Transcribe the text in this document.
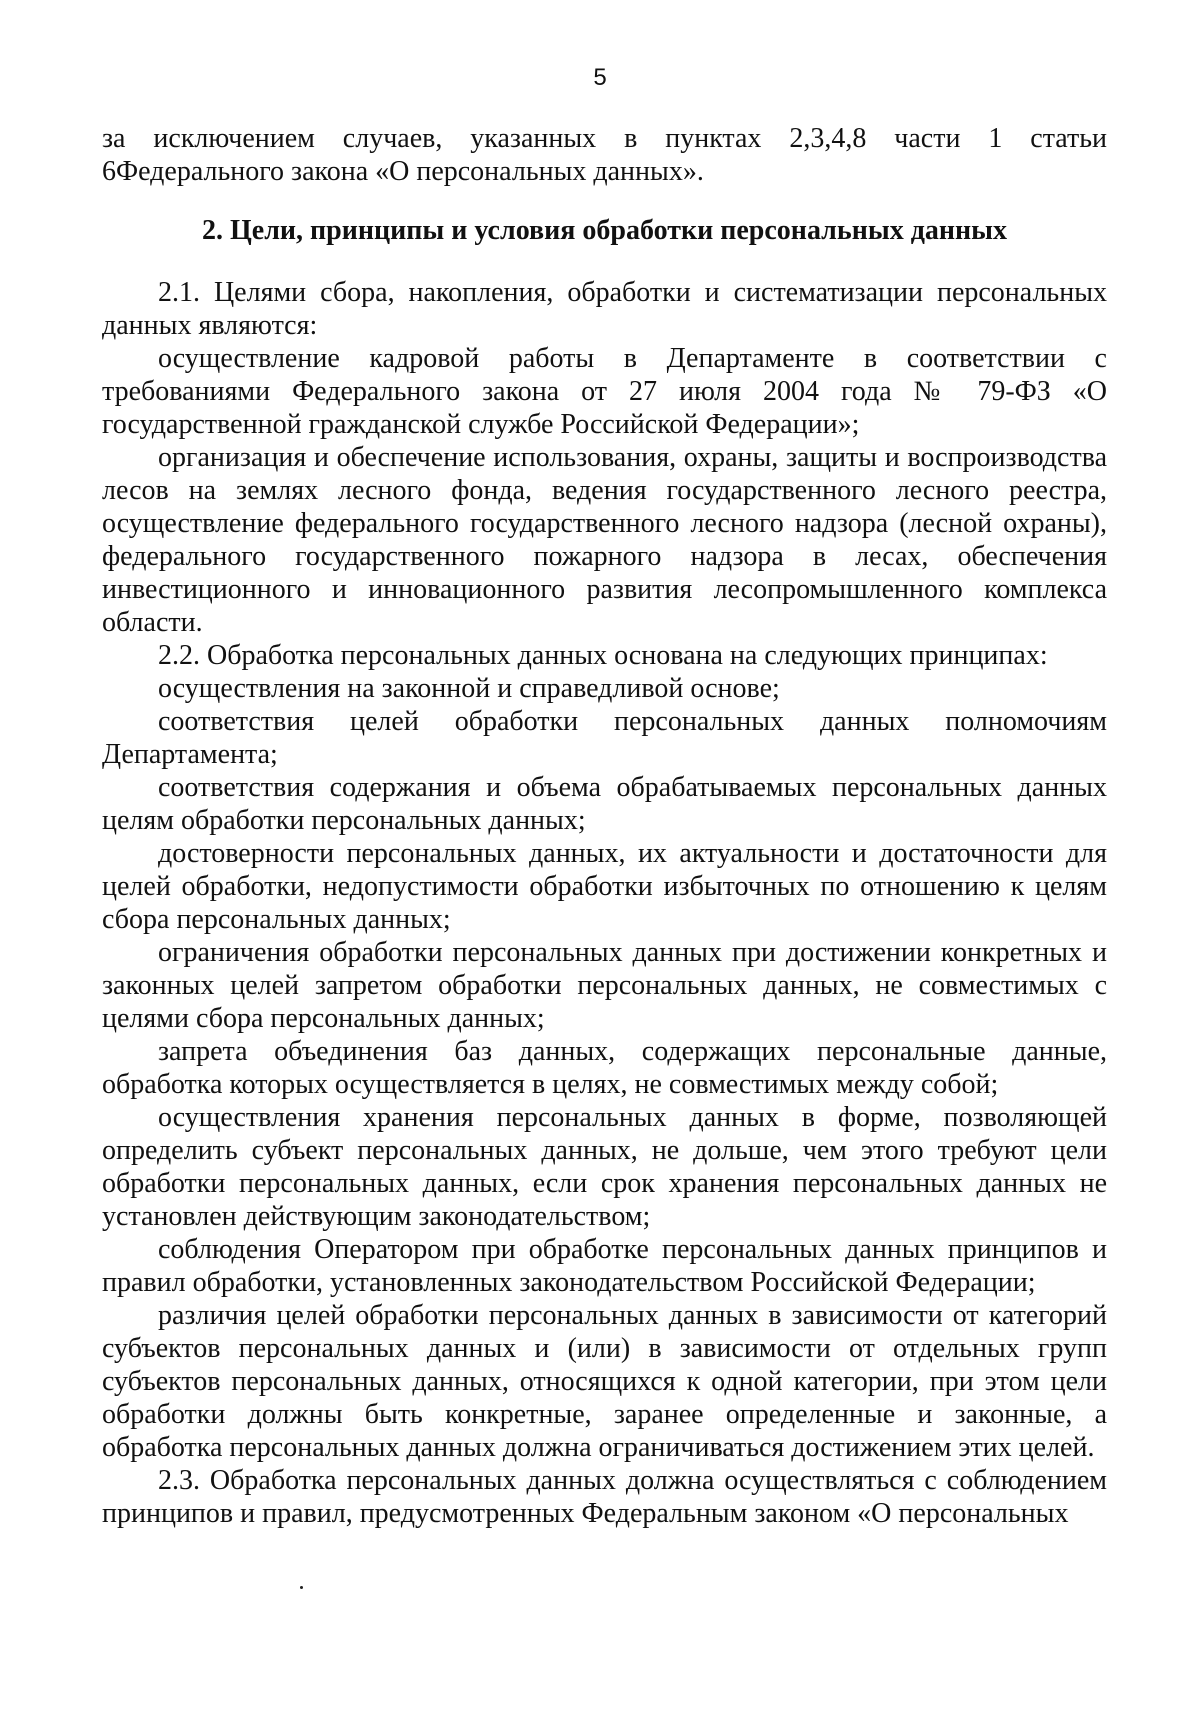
5

за исключением случаев, указанных в пунктах 2,3,4,8 части 1 статьи 6Федерального закона «О персональных данных».

2. Цели, принципы и условия обработки персональных данных

2.1. Целями сбора, накопления, обработки и систематизации персональных данных являются:

осуществление кадровой работы в Департаменте в соответствии с требованиями Федерального закона от 27 июля 2004 года № 79-ФЗ «О государственной гражданской службе Российской Федерации»;

организация и обеспечение использования, охраны, защиты и воспроизводства лесов на землях лесного фонда, ведения государственного лесного реестра, осуществление федерального государственного лесного надзора (лесной охраны), федерального государственного пожарного надзора в лесах, обеспечения инвестиционного и инновационного развития лесопромышленного комплекса области.

2.2. Обработка персональных данных основана на следующих принципах:

осуществления на законной и справедливой основе;

соответствия целей обработки персональных данных полномочиям Департамента;

соответствия содержания и объема обрабатываемых персональных данных целям обработки персональных данных;

достоверности персональных данных, их актуальности и достаточности для целей обработки, недопустимости обработки избыточных по отношению к целям сбора персональных данных;

ограничения обработки персональных данных при достижении конкретных и законных целей запретом обработки персональных данных, не совместимых с целями сбора персональных данных;

запрета объединения баз данных, содержащих персональные данные, обработка которых осуществляется в целях, не совместимых между собой;

осуществления хранения персональных данных в форме, позволяющей определить субъект персональных данных, не дольше, чем этого требуют цели обработки персональных данных, если срок хранения персональных данных не установлен действующим законодательством;

соблюдения Оператором при обработке персональных данных принципов и правил обработки, установленных законодательством Российской Федерации;

различия целей обработки персональных данных в зависимости от категорий субъектов персональных данных и (или) в зависимости от отдельных групп субъектов персональных данных, относящихся к одной категории, при этом цели обработки должны быть конкретные, заранее определенные и законные, а обработка персональных данных должна ограничиваться достижением этих целей.

2.3. Обработка персональных данных должна осуществляться с соблюдением принципов и правил, предусмотренных Федеральным законом «О персональных
